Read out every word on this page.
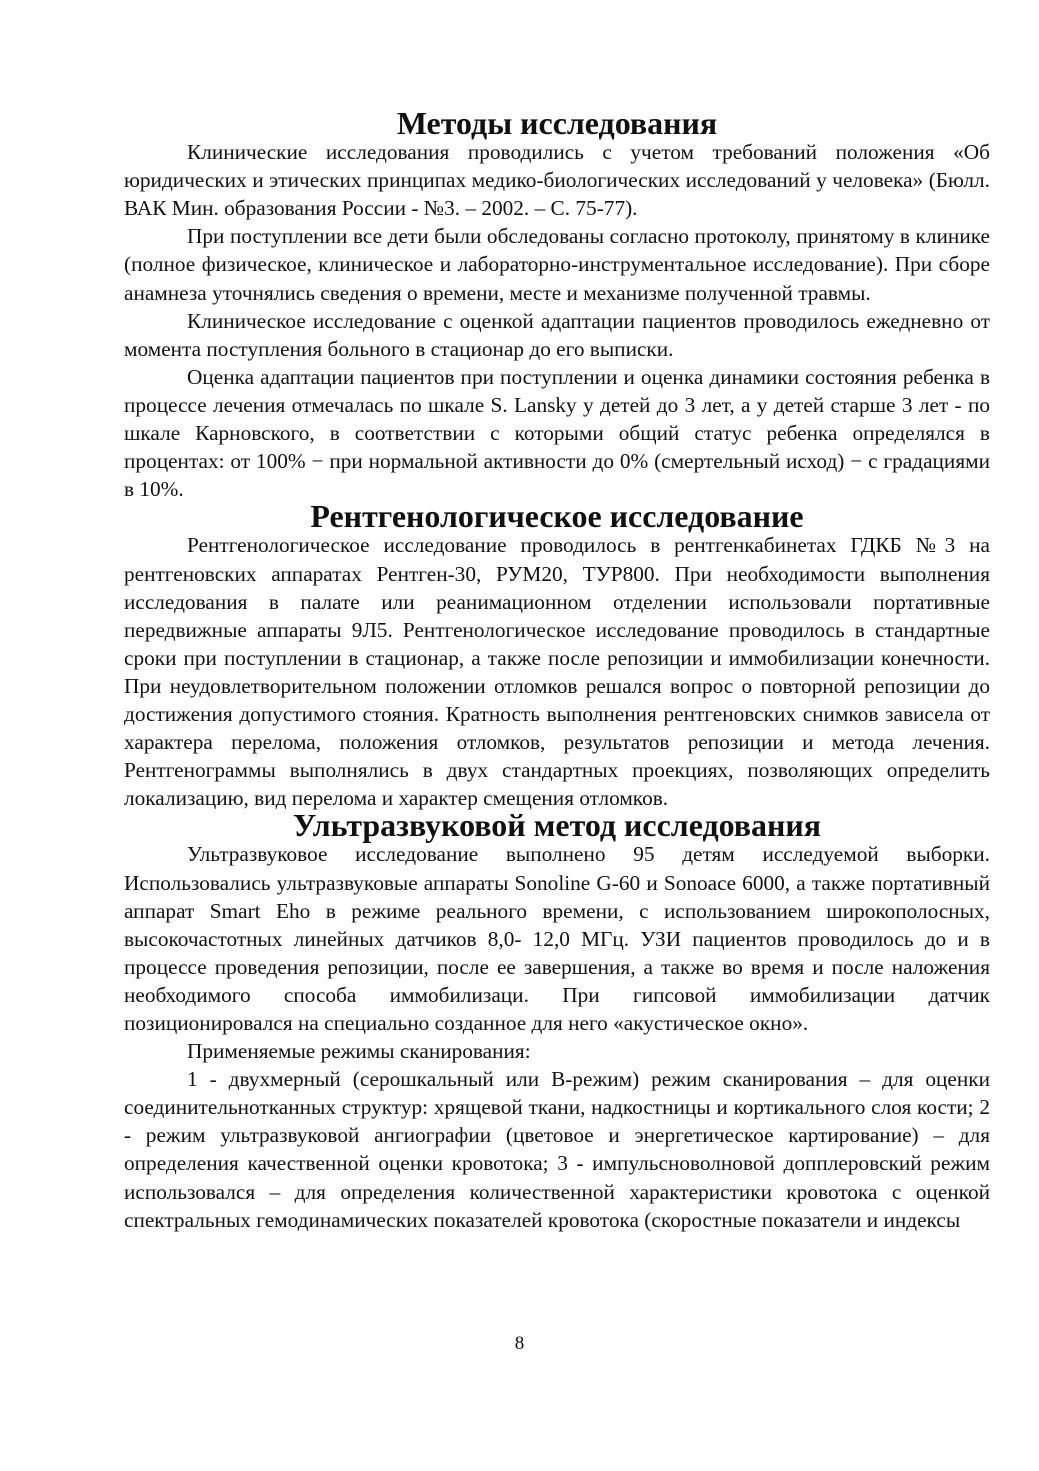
Методы исследования

Клинические исследования проводились с учетом требований положения «Об юридических и этических принципах медико-биологических исследований у человека» (Бюлл. ВАК Мин. образования России - №3. – 2002. – С. 75-77).

При поступлении все дети были обследованы согласно протоколу, принятому в клинике (полное физическое, клиническое и лабораторно-инструментальное исследование). При сборе анамнеза уточнялись сведения о времени, месте и механизме полученной травмы.

Клиническое исследование с оценкой адаптации пациентов проводилось ежедневно от момента поступления больного в стационар до его выписки.

Оценка адаптации пациентов при поступлении и оценка динамики состояния ребенка в процессе лечения отмечалась по шкале S. Lansky у детей до 3 лет, а у детей старше 3 лет - по шкале Карновского, в соответствии с которыми общий статус ребенка определялся в процентах: от 100% − при нормальной активности до 0% (смертельный исход) − с градациями в 10%.

Рентгенологическое исследование

Рентгенологическое исследование проводилось в рентгенкабинетах ГДКБ №3 на рентгеновских аппаратах Рентген-30, РУМ20, ТУР800. При необходимости выполнения исследования в палате или реанимационном отделении использовали портативные передвижные аппараты 9Л5. Рентгенологическое исследование проводилось в стандартные сроки при поступлении в стационар, а также после репозиции и иммобилизации конечности. При неудовлетворительном положении отломков решался вопрос о повторной репозиции до достижения допустимого стояния. Кратность выполнения рентгеновских снимков зависела от характера перелома, положения отломков, результатов репозиции и метода лечения. Рентгенограммы выполнялись в двух стандартных проекциях, позволяющих определить локализацию, вид перелома и характер смещения отломков.

Ультразвуковой метод исследования

Ультразвуковое исследование выполнено 95 детям исследуемой выборки. Использовались ультразвуковые аппараты Sonoline G-60 и Sonoace 6000, а также портативный аппарат Smart Eho в режиме реального времени, с использованием широкополосных, высокочастотных линейных датчиков 8,0- 12,0 МГц. УЗИ пациентов проводилось до и в процессе проведения репозиции, после ее завершения, а также во время и после наложения необходимого способа иммобилизаци. При гипсовой иммобилизации датчик позиционировался на специально созданное для него «акустическое окно».

Применяемые режимы сканирования:

1 - двухмерный (серошкальный или В-режим) режим сканирования – для оценки соединительнотканных структур: хрящевой ткани, надкостницы и кортикального слоя кости; 2 - режим ультразвуковой ангиографии (цветовое и энергетическое картирование) – для определения качественной оценки кровотока; 3 - импульсноволновой допплеровский режим использовался – для определения количественной характеристики кровотока с оценкой спектральных гемодинамических показателей кровотока (скоростные показатели и индексы

8
